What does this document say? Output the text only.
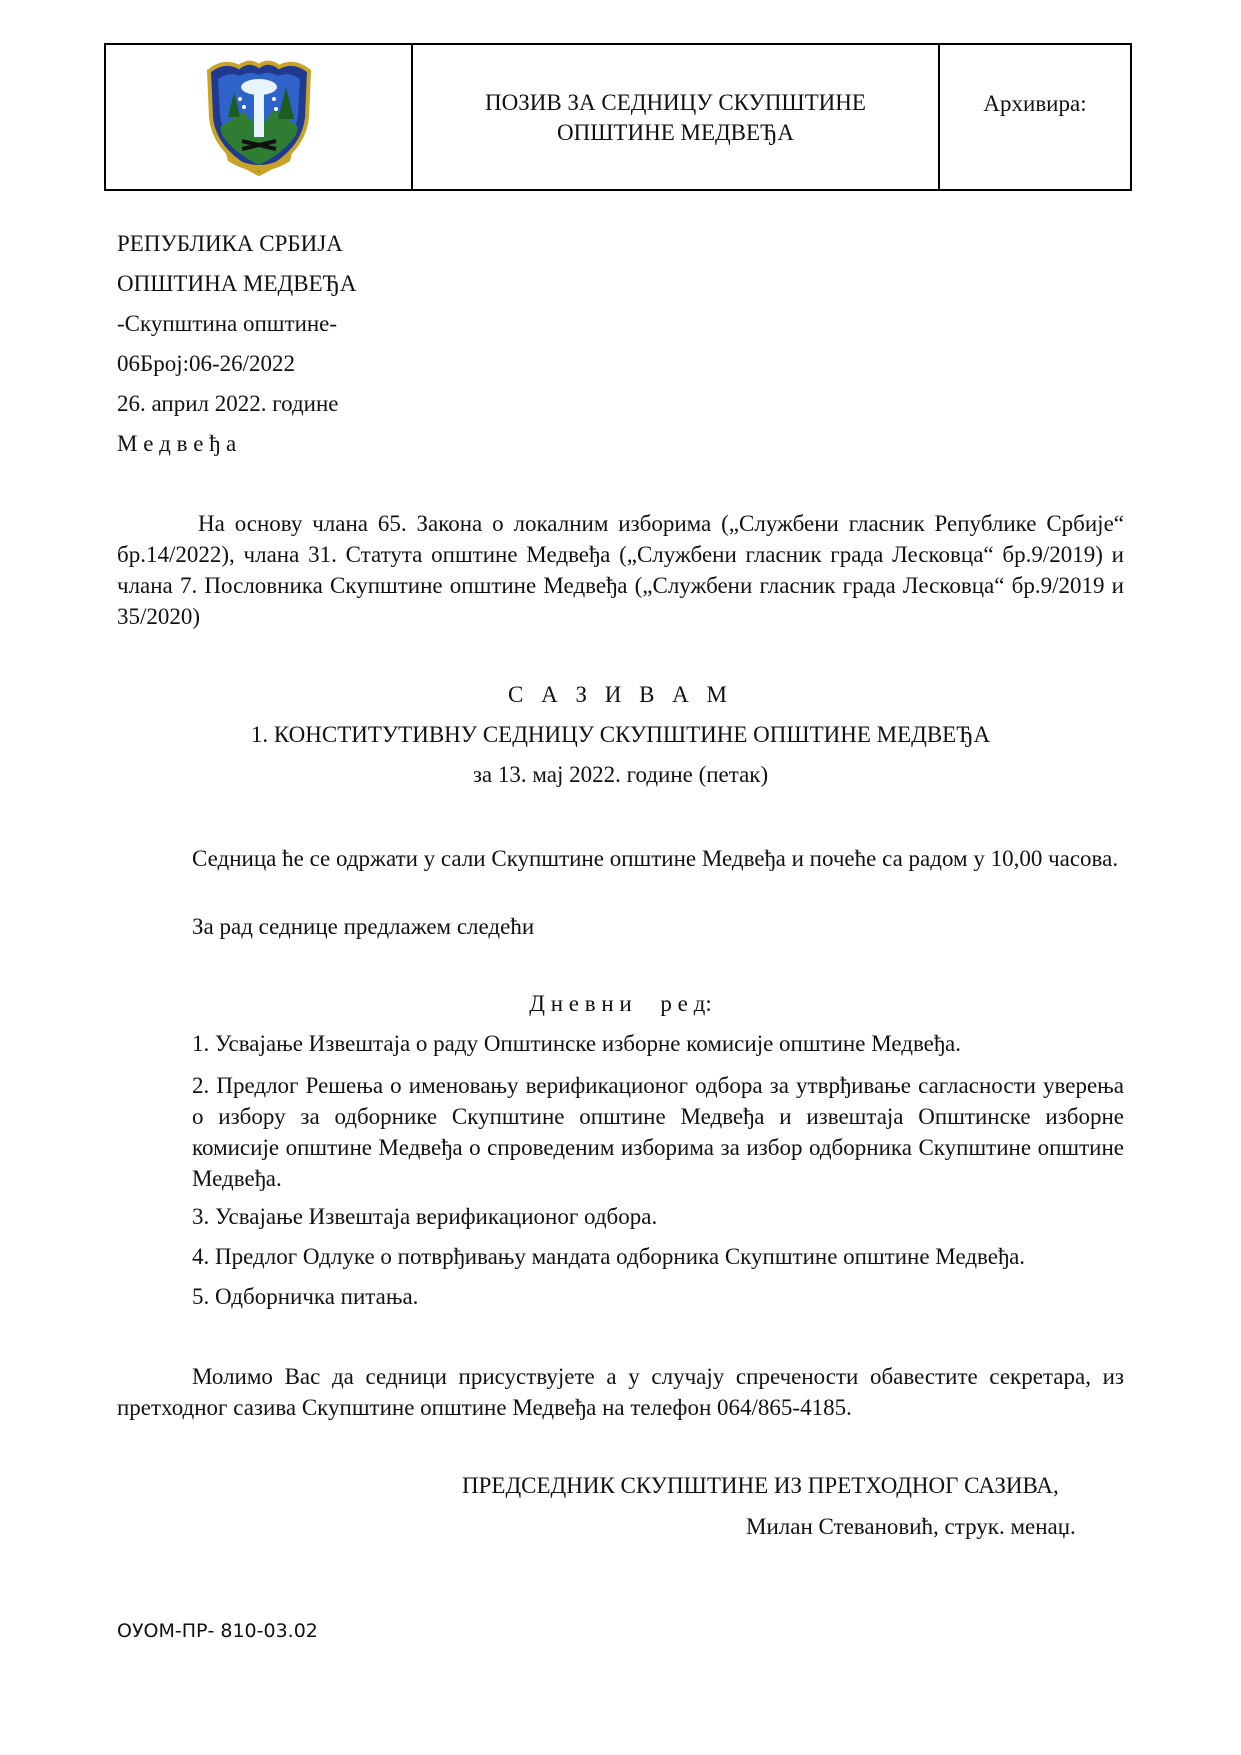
ПОЗИВ ЗА СЕДНИЦУ СКУПШТИНЕ
ОПШТИНЕ МЕДВЕЂА
Архивира:
РЕПУБЛИКА СРБИЈА
ОПШТИНА МЕДВЕЂА
-Скупштина општине-
06Број:06-26/2022
26. април 2022. године
М е д в е ђ а
На основу члана 65. Закона о локалним изборима („Службени гласник Републике Србије“ бр.14/2022), члана 31. Статута општине Медвеђа („Службени гласник града Лесковца“ бр.9/2019) и члана 7. Пословника Скупштине општине Медвеђа („Службени гласник града Лесковца“ бр.9/2019 и 35/2020)
С А З И В А М
1. КОНСТИТУТИВНУ СЕДНИЦУ СКУПШТИНЕ ОПШТИНЕ МЕДВЕЂА
за 13. мај 2022. године (петак)
Седница ће се одржати у сали Скупштине општине Медвеђа и почеће са радом у 10,00 часова.
За рад седнице предлажем следећи
Д н е в н и     р е д:
1. Усвајање Извештаја о раду Општинске изборне комисије општине Медвеђа.
2. Предлог Решења о именовању верификационог одбора за утврђивање сагласности уверења о избору за одборнике Скупштине општине Медвеђа и извештаја Општинске изборне комисије општине Медвеђа о спроведеним изборима за избор одборника Скупштине општине Медвеђа.
3. Усвајање Извештаја верификационог одбора.
4. Предлог Одлуке о потврђивању мандата одборника Скупштине општине Медвеђа.
5. Одборничка питања.
Молимо Вас да седници присуствујете а у случају спречености обавестите секретара, из претходног сазива Скупштине општине Медвеђа на телефон 064/865-4185.
ПРЕДСЕДНИК СКУПШТИНЕ ИЗ ПРЕТХОДНОГ САЗИВА,
Милан Стевановић, струк. менаџ.
ОУОМ-ПР- 810-03.02
